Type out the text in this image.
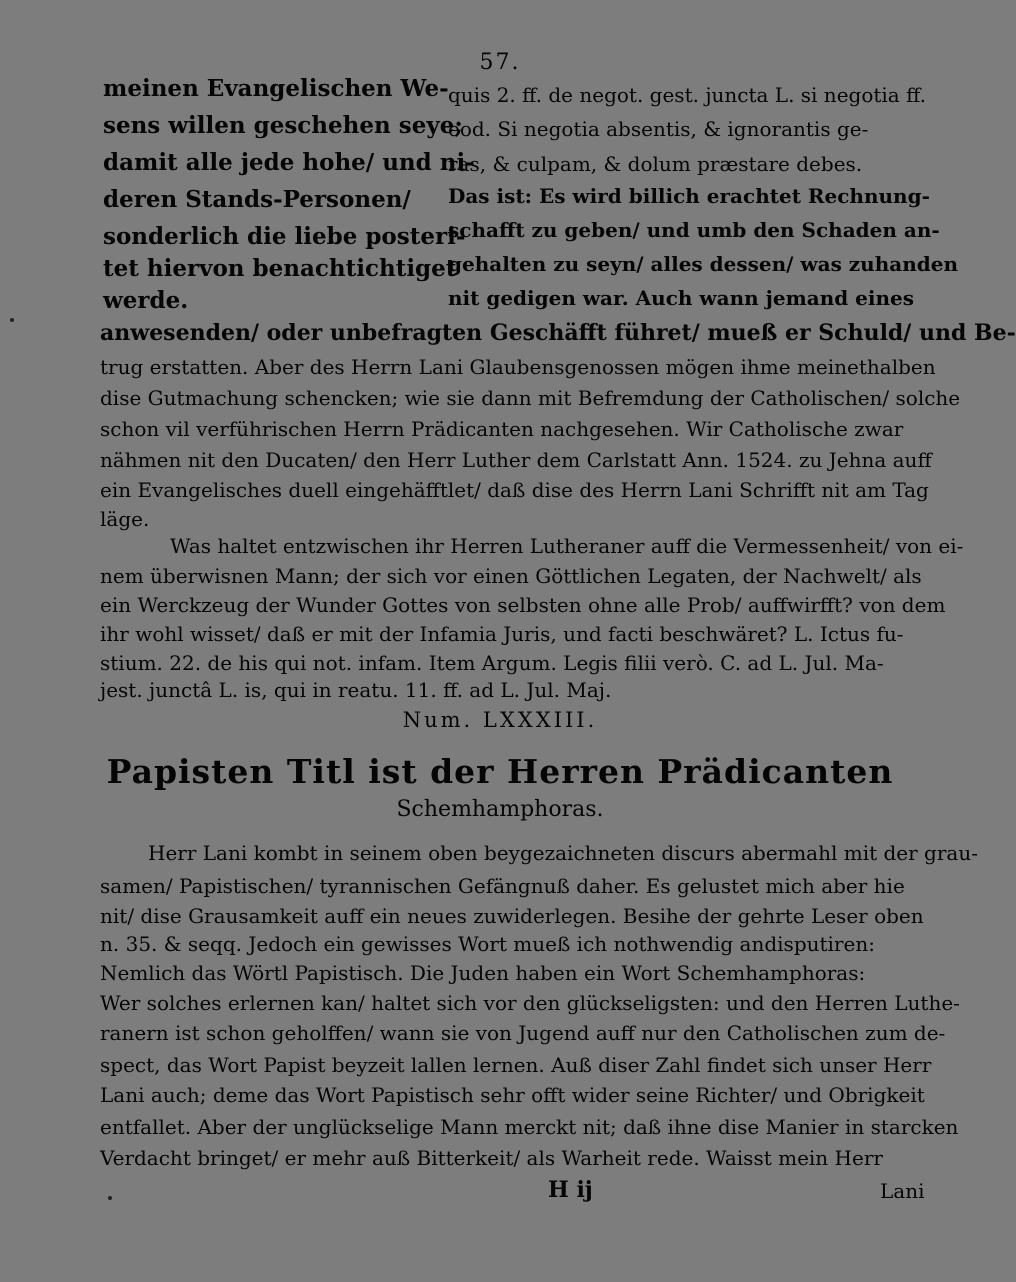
57.
meinen Evangelischen We-
sens willen geschehen seye;
damit alle jede hohe/ und ni-
deren Stands-Personen/
sonderlich die liebe posteri-
tet hiervon benachtichtiget
werde.
quis 2. ff. de negot. gest. juncta L. si negotia ff.
eod. Si negotia absentis, & ignorantis ge-
ras, & culpam, & dolum præstare debes.
Das ist: Es wird billich erachtet Rechnung-
schafft zu geben/ und umb den Schaden an-
gehalten zu seyn/ alles dessen/ was zuhanden
nit gedigen war. Auch wann jemand eines
anwesenden/ oder unbefragten Geschäfft führet/ mueß er Schuld/ und Be-
trug erstatten. Aber des Herrn Lani Glaubensgenossen mögen ihme meinethalben
dise Gutmachung schencken; wie sie dann mit Befremdung der Catholischen/ solche
schon vil verführischen Herrn Prädicanten nachgesehen. Wir Catholische zwar
nähmen nit den Ducaten/ den Herr Luther dem Carlstatt Ann. 1524. zu Jehna auff
ein Evangelisches duell eingehäfftlet/ daß dise des Herrn Lani Schrifft nit am Tag
läge.
Was haltet entzwischen ihr Herren Lutheraner auff die Vermessenheit/ von ei-
nem überwisnen Mann; der sich vor einen Göttlichen Legaten, der Nachwelt/ als
ein Werckzeug der Wunder Gottes von selbsten ohne alle Prob/ auffwirfft? von dem
ihr wohl wisset/ daß er mit der Infamia Juris, und facti beschwäret? L. Ictus fu-
stium. 22. de his qui not. infam. Item Argum. Legis filii verò. C. ad L. Jul. Ma-
jest. junctâ L. is, qui in reatu. 11. ff. ad L. Jul. Maj.
Num. LXXXIII.
Papisten Titl ist der Herren Prädicanten
Schemhamphoras.
Herr Lani kombt in seinem oben beygezaichneten discurs abermahl mit der grau-
samen/ Papistischen/ tyrannischen Gefängnuß daher. Es gelustet mich aber hie
nit/ dise Grausamkeit auff ein neues zuwiderlegen. Besihe der gehrte Leser oben
n. 35. & seqq. Jedoch ein gewisses Wort mueß ich nothwendig andisputiren:
Nemlich das Wörtl Papistisch. Die Juden haben ein Wort Schemhamphoras:
Wer solches erlernen kan/ haltet sich vor den glückseligsten: und den Herren Luthe-
ranern ist schon geholffen/ wann sie von Jugend auff nur den Catholischen zum de-
spect, das Wort Papist beyzeit lallen lernen. Auß diser Zahl findet sich unser Herr
Lani auch; deme das Wort Papistisch sehr offt wider seine Richter/ und Obrigkeit
entfallet. Aber der unglückselige Mann merckt nit; daß ihne dise Manier in starcken
Verdacht bringet/ er mehr auß Bitterkeit/ als Warheit rede. Waisst mein Herr
H ij	Lani
